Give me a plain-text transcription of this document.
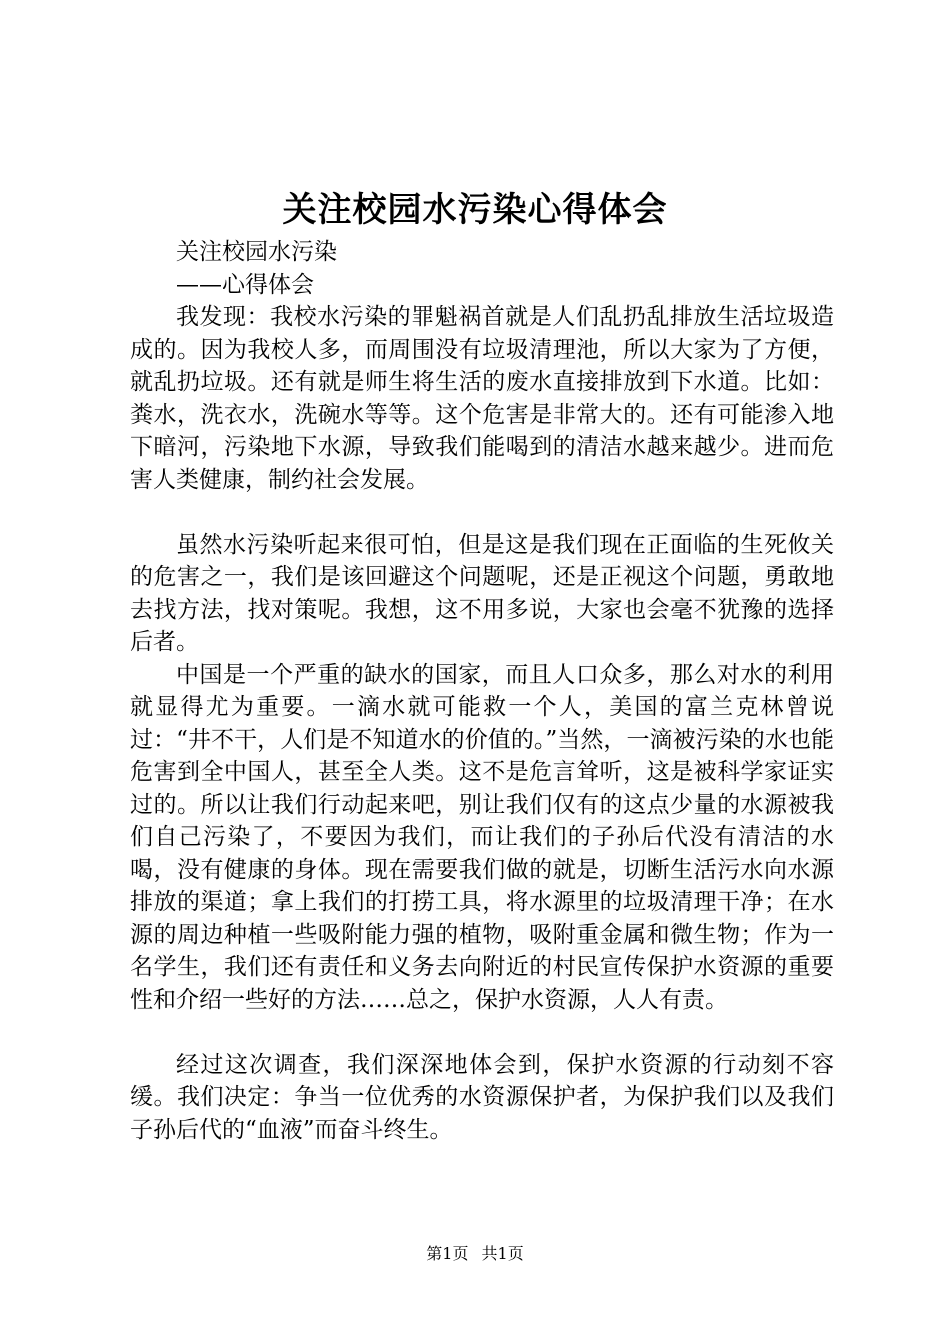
关注校园水污染心得体会

关注校园水污染

——心得体会

我发现：我校水污染的罪魁祸首就是人们乱扔乱排放生活垃圾造成的。因为我校人多，而周围没有垃圾清理池，所以大家为了方便，就乱扔垃圾。还有就是师生将生活的废水直接排放到下水道。比如：粪水，洗衣水，洗碗水等等。这个危害是非常大的。还有可能渗入地下暗河，污染地下水源，导致我们能喝到的清洁水越来越少。进而危害人类健康，制约社会发展。

虽然水污染听起来很可怕，但是这是我们现在正面临的生死攸关的危害之一，我们是该回避这个问题呢，还是正视这个问题，勇敢地去找方法，找对策呢。我想，这不用多说，大家也会毫不犹豫的选择后者。

中国是一个严重的缺水的国家，而且人口众多，那么对水的利用就显得尤为重要。一滴水就可能救一个人，美国的富兰克林曾说过：“井不干，人们是不知道水的价值的。”当然，一滴被污染的水也能危害到全中国人，甚至全人类。这不是危言耸听，这是被科学家证实过的。所以让我们行动起来吧，别让我们仅有的这点少量的水源被我们自己污染了，不要因为我们，而让我们的子孙后代没有清洁的水喝，没有健康的身体。现在需要我们做的就是，切断生活污水向水源排放的渠道；拿上我们的打捞工具，将水源里的垃圾清理干净；在水源的周边种植一些吸附能力强的植物，吸附重金属和微生物；作为一名学生，我们还有责任和义务去向附近的村民宣传保护水资源的重要性和介绍一些好的方法……总之，保护水资源，人人有责。

经过这次调查，我们深深地体会到，保护水资源的行动刻不容缓。我们决定：争当一位优秀的水资源保护者，为保护我们以及我们子孙后代的“血液”而奋斗终生。

第1页 共1页
